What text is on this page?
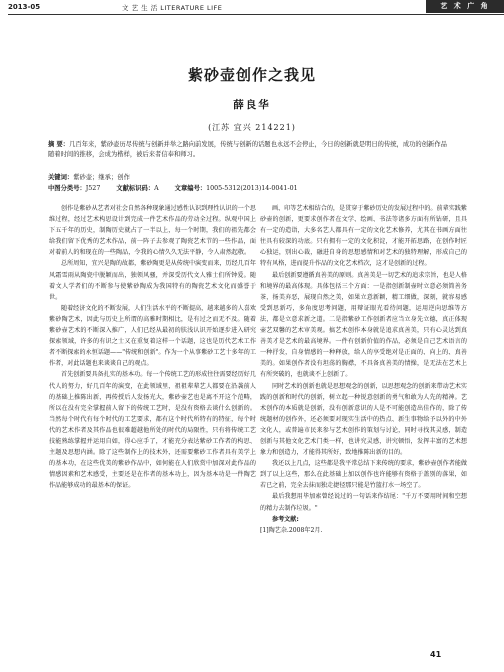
2013-05	文 艺 生 活 LITERATURE LIFE	艺 术 广 角
紫砂壶创作之我见
薛良华
(江苏 宜兴 214221)
摘 要：几百年来，紫砂壶历尽传统与创新并举之路向前发展，传统与创新的话题也永远不会停止，今日的创新就是明日的传统，成功的创新作品随着时间的推移，会成为楷样，被后来者信奉和师习。
关键词：紫砂壶；继承；创作
中图分类号：J527	文献标识码：A	文章编号：1005-5312(2013)14-0041-01

创作是紫砂从艺者对社会自然各种现象通过感性认识到理性认识的一个思维过程，经过艺术构思设计到完成一件艺术作品的劳动全过程。纵观中国上下五千年的历史，制陶历史就占了一半以上，每一个时期，我们的祖先都会给我们留下优秀的艺术作品，前一阵子去参观了陶瓷艺术节的一些作品，面对着前人的和现在的一些陶品，令我的心情久久无法平静，令人肃然起敬。

总所周知，宜兴是陶的故都，紫砂陶更是从传统中演变而来，历经几百年风霜雪雨从陶瓷中脱颖而出，独领风骚，并深受历代文人雅士们所钟爱。随着文人学者们的不断参与使紫砂陶成为我国特有的陶瓷艺术文化而盛誉于世。

随着经济文化的不断发展，人们生活水平的不断提高，越来越多的人喜欢紫砂陶艺术，因此与历史上所谓的高雅时期相比，是有过之而无不及。随着紫砂壶艺术的不断深入推广，人们已经从最初的肤浅认识开始逐步进入研究探索领域，许多的有识之士又在重复着这样一个话题，这也是历代艺术工作者不断探索的永恒话题——"传统和创新"。作为一个从事紫砂工艺十多年的工作者，对此话题也来谈谈自己的观点。

首先创新要具备扎实的基本功。每一个传统工艺的形成往往需要经历好几代人的努力，好几百年的演变，在此领域里，祖祖辈辈艺人都要在沿袭前人的基础上推陈出新，再传授后人发扬光大，紫砂壶艺也是离不开这个范畴，所以在没有完全掌握前人留下的传统工艺时，是没有资格去谈什么创新的。当然每个时代有每个时代的工艺要求，都有这个时代所特有的特征，每个时代的艺术作者及其作品也很难超越他所处的时代的局限性，只有将传统工艺技能熟练掌握并运用自如，得心应手了，才能充分表达紫砂工作者的构思、主题及思想内涵。除了这些制作上的技术外，还需要紫砂工作者具有美学上的基本功，在这些优美的紫砂作品中，如何能在人们欣赏中加深对此作品的情感因素和艺术感受，主要还是在作者的基本功上，因为基本功是一件陶艺作品能够成功的最基本的保证。

画、印等艺术相结合的，是贯穿于紫砂历史的发展过程中的。前辈实践紫砂壶的创新，更要求创作者在文学、绘画、书法等诸多方面有所钻研，且具有一定的造诣，大多名艺人都具有一定的文化艺术修养，尤其在书画方面往往具有较深的功底。只有拥有一定的文化积淀，才能开拓思路，在创作时匠心独运，别出心裁，融进自身的思想感情和对艺术的独特理解，形成自己的特有风格，进而提升作品的文化艺术档次，这才是创新的过程。

最后创新要遵循真善美的原则。真善美是一切艺术的追求宗旨，也是人格和境界的最高体现。具体包括三个方面：一是指创新制壶时立意必须简善务茶，扬美弃恶，展现自然之美，如果立意新颖，精工细做，深刻，就容易感受到思新巧，多角度思考问题，用辩证眼光看待问题，运用逆向思维等方法，都是立意求新之道。二是指紫砂工作创新者应当立身先立德，真正体现壶艺双馨的艺术审美观。搞艺术创作本身就是追求真善美，只有心灵达到真善美才是艺术的最高境界。一件有创新价值的作品，必须是自己艺术语言的一种抒发，自身情感的一种释放，给人的享受绝对是正面的、向上的、真善美的。如果创作者没有坦荡的胸襟，不具备真善美的情操，是无法在艺术上有所突破的，也就谈不上创新了。

同时艺术的创新也就是思想观念的创新，以思想观念的创新来带动艺术实践的创新和时代的创新，树立起一种锐意创新的勇气和敢为人先的精神。艺术创作的本质就是创新，没有创新意识的人是不可能创造出佳作的，除了传统题材的创作外，还必须要对现实生活中的热点、新生事物给予以外的中外文化人，或普遍市民来参与艺术创作的策划与讨论，同时寻找其灵感，制造创新与其他文化艺术门类一样，也讲究灵感，讲究顿悟，发挥丰富的艺术想象力和创造力，才能得其所好，致地推陈出新的目的。

我还以上几点，这些都是我平常总结下来传统的要求，紫砂壶创作者能做到了以上这些，那么在此基础上加以创作也许能够有资格于盖别的落果，如若已之前，完全去抹而独走捷径那只能是竹篮打水一场空了。

最后我想用毕加索曾经说过的一句话来作结尾："千万不要用时间和空想的精力去制作垃圾。"

参考文献:

[1]陶艺杂.2008年2月.

41
